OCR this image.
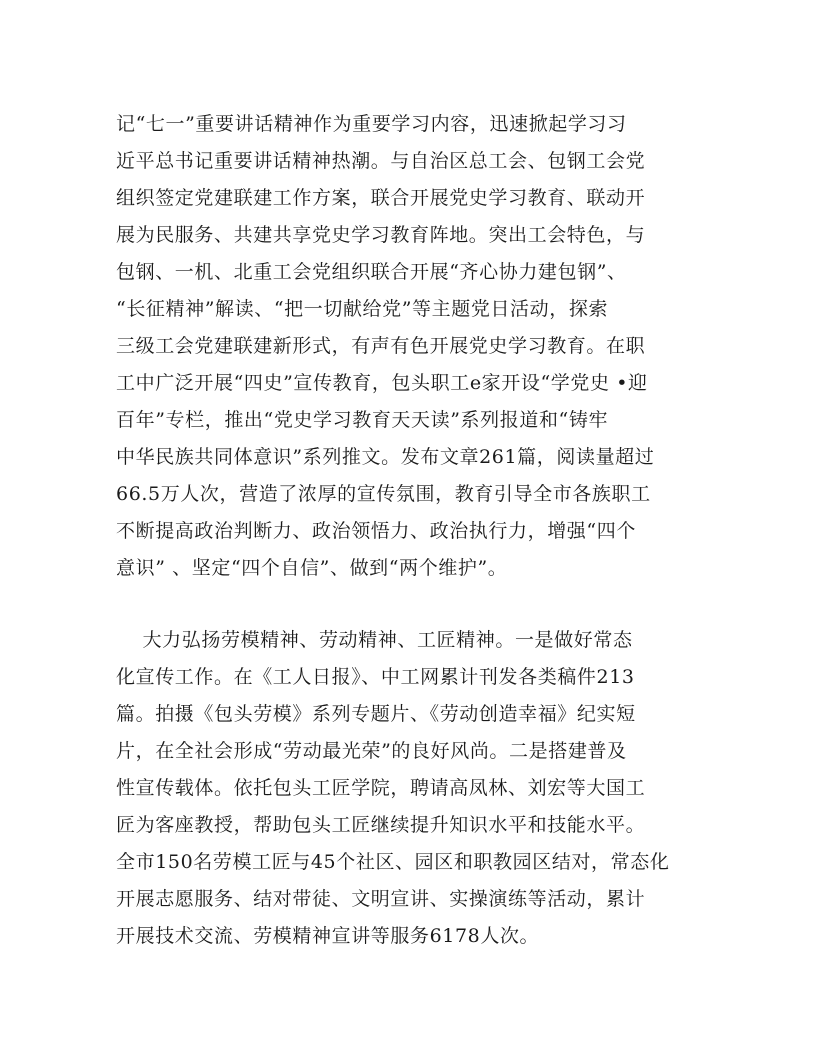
记“七一”重要讲话精神作为重要学习内容，迅速掀起学习习
近平总书记重要讲话精神热潮。与自治区总工会、包钢工会党
组织签定党建联建工作方案，联合开展党史学习教育、联动开
展为民服务、共建共享党史学习教育阵地。突出工会特色，与
包钢、一机、北重工会党组织联合开展“齐心协力建包钢”、
“长征精神”解读、“把一切献给党”等主题党日活动，探索
三级工会党建联建新形式，有声有色开展党史学习教育。在职
工中广泛开展“四史”宣传教育，包头职工e家开设“学党史 •迎
百年”专栏，推出“党史学习教育天天读”系列报道和“铸牢
中华民族共同体意识”系列推文。发布文章261篇，阅读量超过
66.5万人次，营造了浓厚的宣传氛围，教育引导全市各族职工
不断提高政治判断力、政治领悟力、政治执行力，增强“四个
意识” 、坚定“四个自信”、做到“两个维护”。
大力弘扬劳模精神、劳动精神、工匠精神。一是做好常态
化宣传工作。在《工人日报》、中工网累计刊发各类稿件213
篇。拍摄《包头劳模》系列专题片、《劳动创造幸福》纪实短
片，在全社会形成“劳动最光荣”的良好风尚。二是搭建普及
性宣传载体。依托包头工匠学院，聘请高凤林、刘宏等大国工
匠为客座教授，帮助包头工匠继续提升知识水平和技能水平。
全市150名劳模工匠与45个社区、园区和职教园区结对，常态化
开展志愿服务、结对带徒、文明宣讲、实操演练等活动，累计
开展技术交流、劳模精神宣讲等服务6178人次。
